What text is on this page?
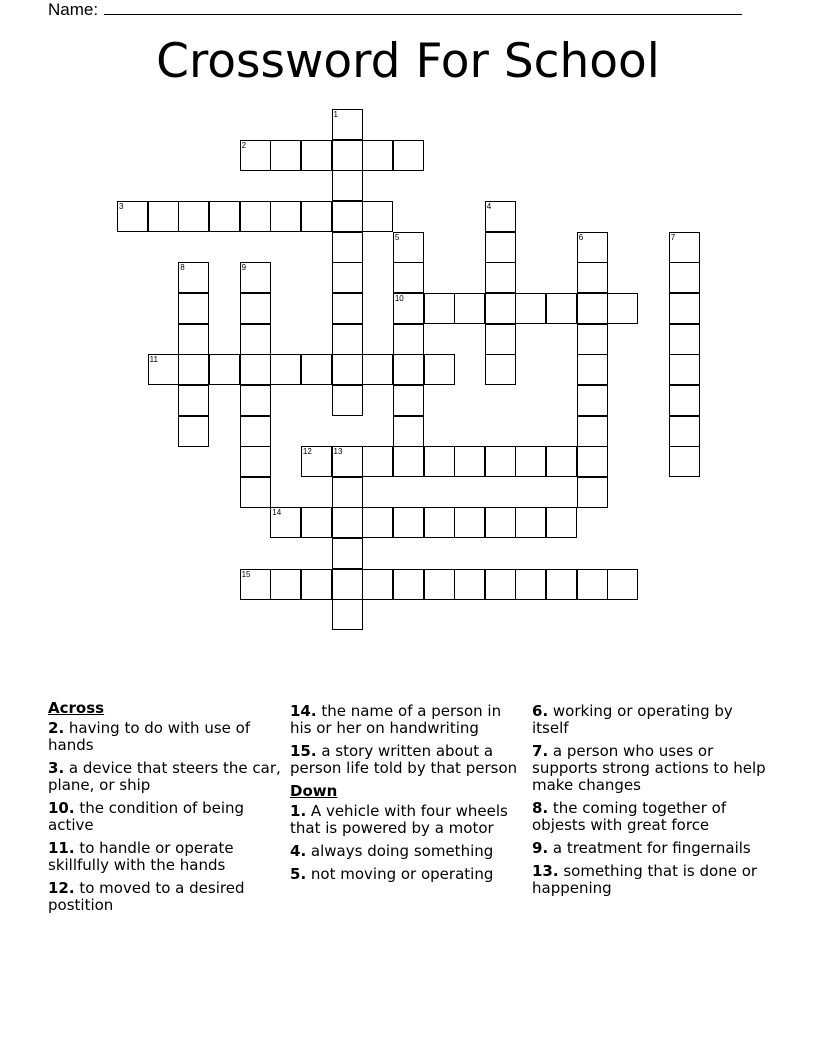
Name:
Crossword For School
1
2
3	4
5	6	7
8	9
10
11
12	13
14
15
Across
2. having to do with use of hands
3. a device that steers the car, plane, or ship
10. the condition of being active
11. to handle or operate skillfully with the hands
12. to moved to a desired postition
14. the name of a person in his or her on handwriting
15. a story written about a person life told by that person
Down
1. A vehicle with four wheels that is powered by a motor
4. always doing something
5. not moving or operating
6. working or operating by itself
7. a person who uses or supports strong actions to help make changes
8. the coming together of objests with great force
9. a treatment for fingernails
13. something that is done or happening
